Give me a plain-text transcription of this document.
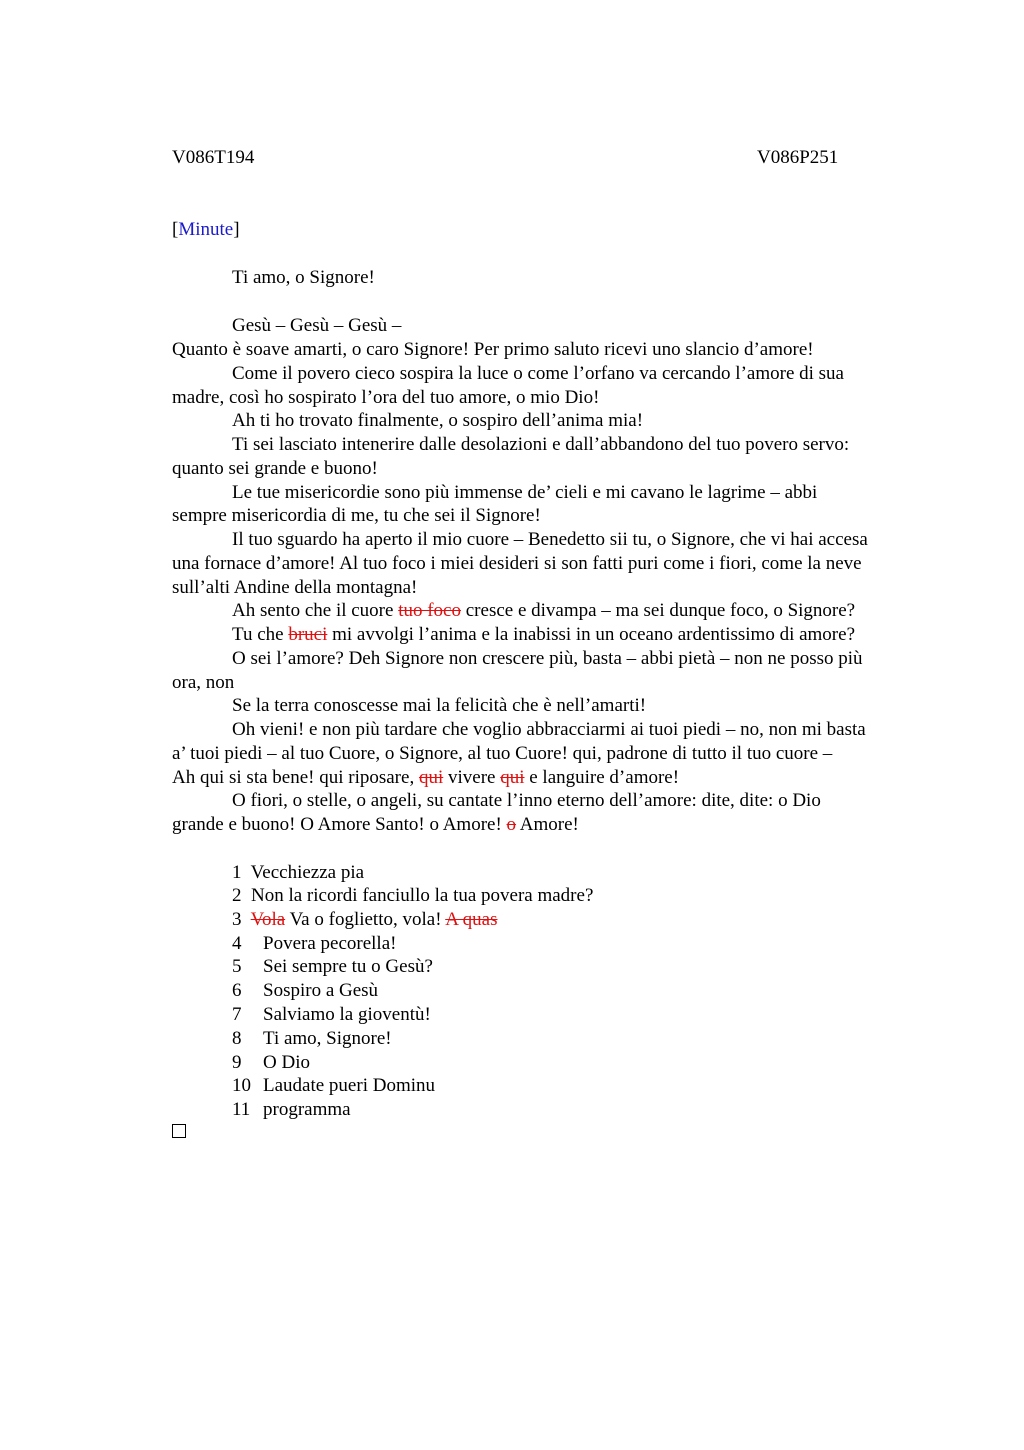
V086T194	V086P251
[Minute]
Ti amo, o Signore!
Gesù – Gesù – Gesù –
Quanto è soave amarti, o caro Signore! Per primo saluto ricevi uno slancio d’amore!
Come il povero cieco sospira la luce o come l’orfano va cercando l’amore di sua
madre, così ho sospirato l’ora del tuo amore, o mio Dio!
Ah ti ho trovato finalmente, o sospiro dell’anima mia!
Ti sei lasciato intenerire dalle desolazioni e dall’abbandono del tuo povero servo:
quanto sei grande e buono!
Le tue misericordie sono più immense de’ cieli e mi cavano le lagrime – abbi
sempre misericordia di me, tu che sei il Signore!
Il tuo sguardo ha aperto il mio cuore – Benedetto sii tu, o Signore, che vi hai accesa
una fornace d’amore! Al tuo foco i miei desideri si son fatti puri come i fiori, come la neve
sull’alti Andine della montagna!
Ah sento che il cuore tuo foco cresce e divampa – ma sei dunque foco, o Signore?
Tu che bruci mi avvolgi l’anima e la inabissi in un oceano ardentissimo di amore?
O sei l’amore? Deh Signore non crescere più, basta – abbi pietà – non ne posso più
ora, non
Se la terra conoscesse mai la felicità che è nell’amarti!
Oh vieni! e non più tardare che voglio abbracciarmi ai tuoi piedi – no, non mi basta
a’ tuoi piedi – al tuo Cuore, o Signore, al tuo Cuore! qui, padrone di tutto il tuo cuore –
Ah qui si sta bene! qui riposare, qui vivere qui e languire d’amore!
O fiori, o stelle, o angeli, su cantate l’inno eterno dell’amore: dite, dite: o Dio
grande e buono! O Amore Santo! o Amore! o Amore!
1 Vecchiezza pia
2 Non la ricordi fanciullo la tua povera madre?
3 Vola Va o foglietto, vola! A quas
4 Povera pecorella!
5 Sei sempre tu o Gesù?
6 Sospiro a Gesù
7 Salviamo la gioventù!
8 Ti amo, Signore!
9 O Dio
10 Laudate pueri Dominu
11 programma
